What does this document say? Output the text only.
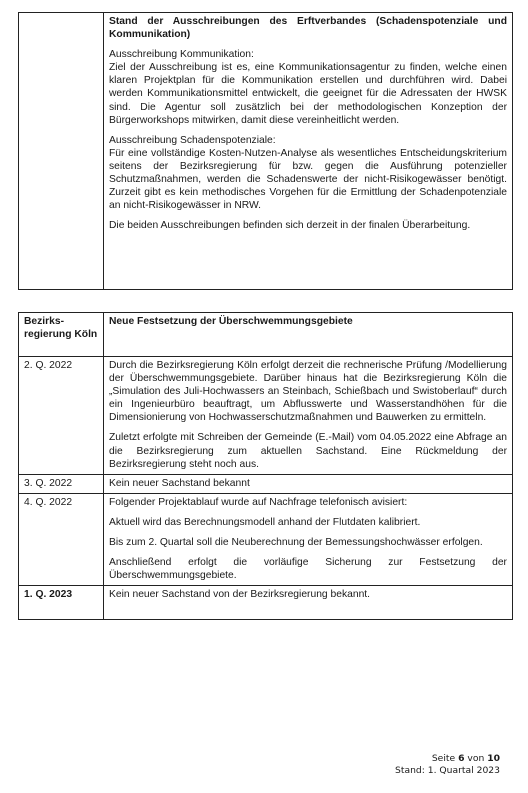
Stand der Ausschreibungen des Erftverbandes (Schadenspotenziale und Kommunikation)

Ausschreibung Kommunikation:
Ziel der Ausschreibung ist es, eine Kommunikationsagentur zu finden, welche einen klaren Projektplan für die Kommunikation erstellen und durchführen wird. Dabei werden Kommunikationsmittel entwickelt, die geeignet für die Adressaten der HWSK sind. Die Agentur soll zusätzlich bei der methodologischen Konzeption der Bürgerworkshops mitwirken, damit diese vereinheitlicht werden.

Ausschreibung Schadenspotenziale:
Für eine vollständige Kosten-Nutzen-Analyse als wesentliches Entscheidungskriterium seitens der Bezirksregierung für bzw. gegen die Ausführung potenzieller Schutzmaßnahmen, werden die Schadenswerte der nicht-Risikogewässer benötigt. Zurzeit gibt es kein methodisches Vorgehen für die Ermittlung der Schadenpotenziale an nicht-Risikogewässer in NRW.

Die beiden Ausschreibungen befinden sich derzeit in der finalen Überarbeitung.

Bezirks-regierung Köln	Neue Festsetzung der Überschwemmungsgebiete
2. Q. 2022	Durch die Bezirksregierung Köln erfolgt derzeit die rechnerische Prüfung /Modellierung der Überschwemmungsgebiete. Darüber hinaus hat die Bezirksregierung Köln die „Simulation des Juli-Hochwassers an Steinbach, Schießbach und Swistoberlauf“ durch ein Ingenieurbüro beauftragt, um Abflusswerte und Wasserstandhöhen für die Dimensionierung von Hochwasserschutzmaßnahmen und Bauwerken zu ermitteln.

Zuletzt erfolgte mit Schreiben der Gemeinde (E.-Mail) vom 04.05.2022 eine Abfrage an die Bezirksregierung zum aktuellen Sachstand. Eine Rückmeldung der Bezirksregierung steht noch aus.

3. Q. 2022	Kein neuer Sachstand bekannt

4. Q. 2022	Folgender Projektablauf wurde auf Nachfrage telefonisch avisiert:

Aktuell wird das Berechnungsmodell anhand der Flutdaten kalibriert.

Bis zum 2. Quartal soll die Neuberechnung der Bemessungshochwässer erfolgen.

Anschließend erfolgt die vorläufige Sicherung zur Festsetzung der Überschwemmungsgebiete.

1. Q. 2023	Kein neuer Sachstand von der Bezirksregierung bekannt.

Seite 6 von 10
Stand: 1. Quartal 2023
